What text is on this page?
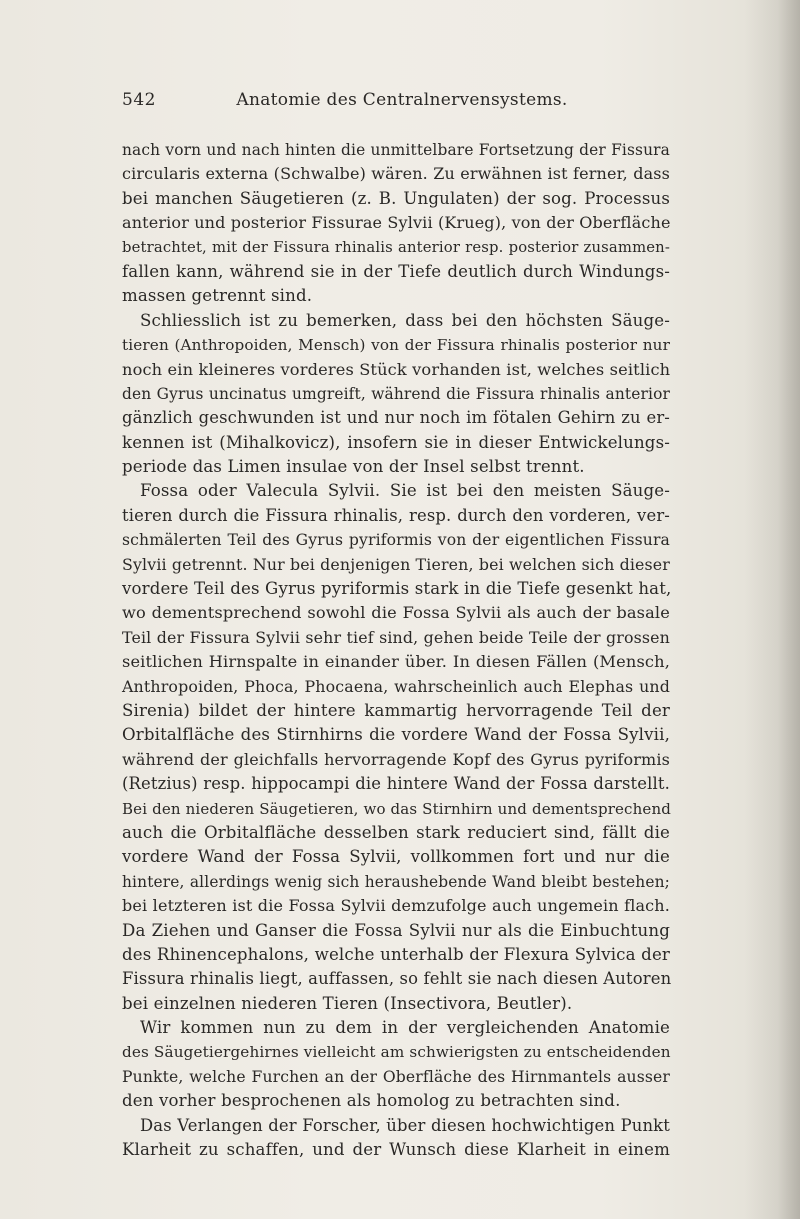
542	Anatomie des Centralnervensystems.
nach vorn und nach hinten die unmittelbare Fortsetzung der Fissura
circularis externa (Schwalbe) wären. Zu erwähnen ist ferner, dass
bei manchen Säugetieren (z. B. Ungulaten) der sog. Processus
anterior und posterior Fissurae Sylvii (Krueg), von der Oberfläche
betrachtet, mit der Fissura rhinalis anterior resp. posterior zusammen-
fallen kann, während sie in der Tiefe deutlich durch Windungs-
massen getrennt sind.
Schliesslich ist zu bemerken, dass bei den höchsten Säuge-
tieren (Anthropoiden, Mensch) von der Fissura rhinalis posterior nur
noch ein kleineres vorderes Stück vorhanden ist, welches seitlich
den Gyrus uncinatus umgreift, während die Fissura rhinalis anterior
gänzlich geschwunden ist und nur noch im fötalen Gehirn zu er-
kennen ist (Mihalkovicz), insofern sie in dieser Entwickelungs-
periode das Limen insulae von der Insel selbst trennt.
Fossa oder Valecula Sylvii. Sie ist bei den meisten Säuge-
tieren durch die Fissura rhinalis, resp. durch den vorderen, ver-
schmälerten Teil des Gyrus pyriformis von der eigentlichen Fissura
Sylvii getrennt. Nur bei denjenigen Tieren, bei welchen sich dieser
vordere Teil des Gyrus pyriformis stark in die Tiefe gesenkt hat,
wo dementsprechend sowohl die Fossa Sylvii als auch der basale
Teil der Fissura Sylvii sehr tief sind, gehen beide Teile der grossen
seitlichen Hirnspalte in einander über. In diesen Fällen (Mensch,
Anthropoiden, Phoca, Phocaena, wahrscheinlich auch Elephas und
Sirenia) bildet der hintere kammartig hervorragende Teil der
Orbitalfläche des Stirnhirns die vordere Wand der Fossa Sylvii,
während der gleichfalls hervorragende Kopf des Gyrus pyriformis
(Retzius) resp. hippocampi die hintere Wand der Fossa darstellt.
Bei den niederen Säugetieren, wo das Stirnhirn und dementsprechend
auch die Orbitalfläche desselben stark reduciert sind, fällt die
vordere Wand der Fossa Sylvii, vollkommen fort und nur die
hintere, allerdings wenig sich heraushebende Wand bleibt bestehen;
bei letzteren ist die Fossa Sylvii demzufolge auch ungemein flach.
Da Ziehen und Ganser die Fossa Sylvii nur als die Einbuchtung
des Rhinencephalons, welche unterhalb der Flexura Sylvica der
Fissura rhinalis liegt, auffassen, so fehlt sie nach diesen Autoren
bei einzelnen niederen Tieren (Insectivora, Beutler).
Wir kommen nun zu dem in der vergleichenden Anatomie
des Säugetiergehirnes vielleicht am schwierigsten zu entscheidenden
Punkte, welche Furchen an der Oberfläche des Hirnmantels ausser
den vorher besprochenen als homolog zu betrachten sind.
Das Verlangen der Forscher, über diesen hochwichtigen Punkt
Klarheit zu schaffen, und der Wunsch diese Klarheit in einem
